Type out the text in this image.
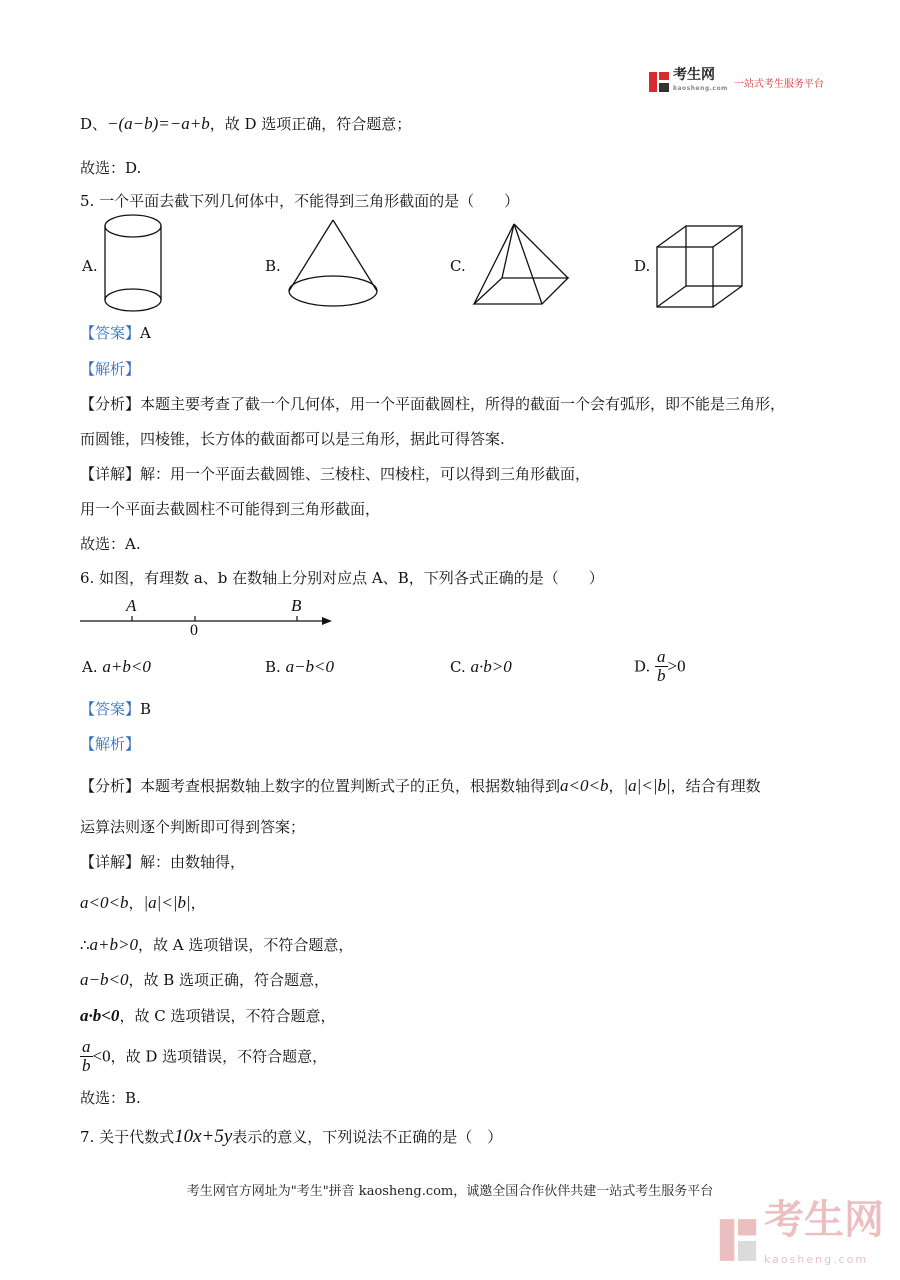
考生网
kaosheng.com 一站式考生服务平台
D、−(a−b)=−a+b，故 D 选项正确，符合题意；
故选：D.
5. 一个平面去截下列几何体中，不能得到三角形截面的是（　　）
A.	B.	C.	D.
【答案】A
【解析】
【分析】本题主要考查了截一个几何体，用一个平面截圆柱，所得的截面一个会有弧形，即不能是三角形，
而圆锥，四棱锥，长方体的截面都可以是三角形，据此可得答案.
【详解】解：用一个平面去截圆锥、三棱柱、四棱柱，可以得到三角形截面，
用一个平面去截圆柱不可能得到三角形截面，
故选：A.
6. 如图，有理数 a、b 在数轴上分别对应点 A、B，下列各式正确的是（　　）
A	B
0
A. a+b<0	B. a−b<0	C. a·b>0	D. $\frac{a}{b} >0$
【答案】B
【解析】
【分析】本题考查根据数轴上数字的位置判断式子的正负，根据数轴得到a<0<b，|a|<|b|，结合有理数
运算法则逐个判断即可得到答案；
【详解】解：由数轴得，
a<0<b，|a|<|b|，
∴a+b>0，故 A 选项错误，不符合题意，
a−b<0，故 B 选项正确，符合题意，
a·b<0，故 C 选项错误，不符合题意，
$\frac{a}{b} <0$，故 D 选项错误，不符合题意，
故选：B.
7. 关于代数式10x+5y表示的意义，下列说法不正确的是（　）
考生网官方网址为"考生"拼音 kaosheng.com，诚邀全国合作伙伴共建一站式考生服务平台
考生网
kaosheng.com
